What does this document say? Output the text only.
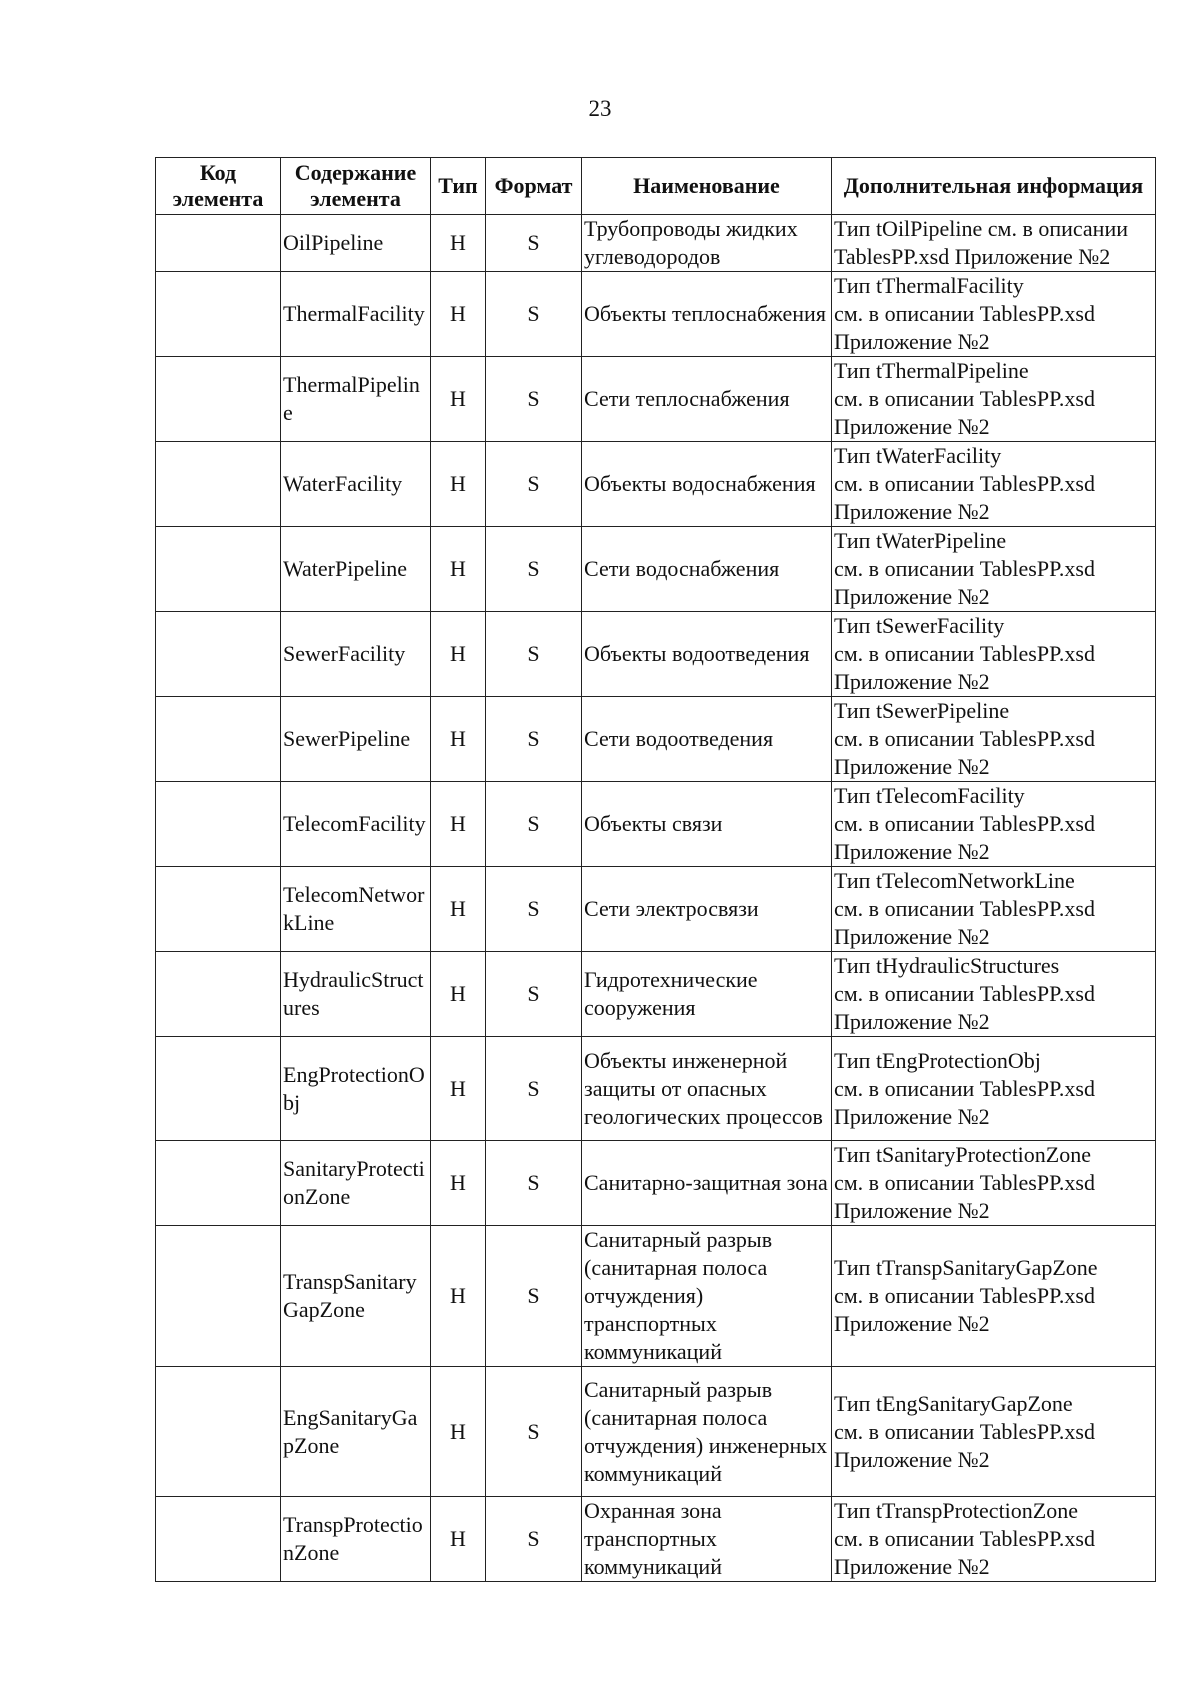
23
Код элемента	Содержание элемента	Тип	Формат	Наименование	Дополнительная информация
	OilPipeline	Н	S	Трубопроводы жидких углеводородов	Тип tOilPipeline см. в описании
TablesPP.xsd Приложение №2

	ThermalFacility	Н	S	Объекты теплоснабжения	Тип tThermalFacility
см. в описании TablesPP.xsd
Приложение №2

	ThermalPipeline	Н	S	Сети теплоснабжения	Тип tThermalPipeline
см. в описании TablesPP.xsd
Приложение №2

	WaterFacility	Н	S	Объекты водоснабжения	Тип tWaterFacility
см. в описании TablesPP.xsd
Приложение №2

	WaterPipeline	Н	S	Сети водоснабжения	Тип tWaterPipeline
см. в описании TablesPP.xsd
Приложение №2

	SewerFacility	Н	S	Объекты водоотведения	Тип tSewerFacility
см. в описании TablesPP.xsd
Приложение №2

	SewerPipeline	Н	S	Сети водоотведения	Тип tSewerPipeline
см. в описании TablesPP.xsd
Приложение №2

	TelecomFacility	Н	S	Объекты связи	Тип tTelecomFacility
см. в описании TablesPP.xsd
Приложение №2

	TelecomNetworkLine	Н	S	Сети электросвязи	Тип tTelecomNetworkLine
см. в описании TablesPP.xsd
Приложение №2

	HydraulicStructures	Н	S	Гидротехнические сооружения	Тип tHydraulicStructures
см. в описании TablesPP.xsd
Приложение №2

	EngProtectionObj	Н	S	Объекты инженерной защиты от опасных геологических процессов	Тип tEngProtectionObj
см. в описании TablesPP.xsd
Приложение №2

	SanitaryProtectionZone	Н	S	Санитарно-защитная зона	Тип tSanitaryProtectionZone
см. в описании TablesPP.xsd
Приложение №2

	TranspSanitaryGapZone	Н	S	Санитарный разрыв (санитарная полоса отчуждения) транспортных коммуникаций	Тип tTranspSanitaryGapZone
см. в описании TablesPP.xsd
Приложение №2

	EngSanitaryGapZone	Н	S	Санитарный разрыв (санитарная полоса отчуждения) инженерных коммуникаций	Тип tEngSanitaryGapZone
см. в описании TablesPP.xsd
Приложение №2

	TranspProtectionZone	Н	S	Охранная зона транспортных коммуникаций	Тип tTranspProtectionZone
см. в описании TablesPP.xsd
Приложение №2
